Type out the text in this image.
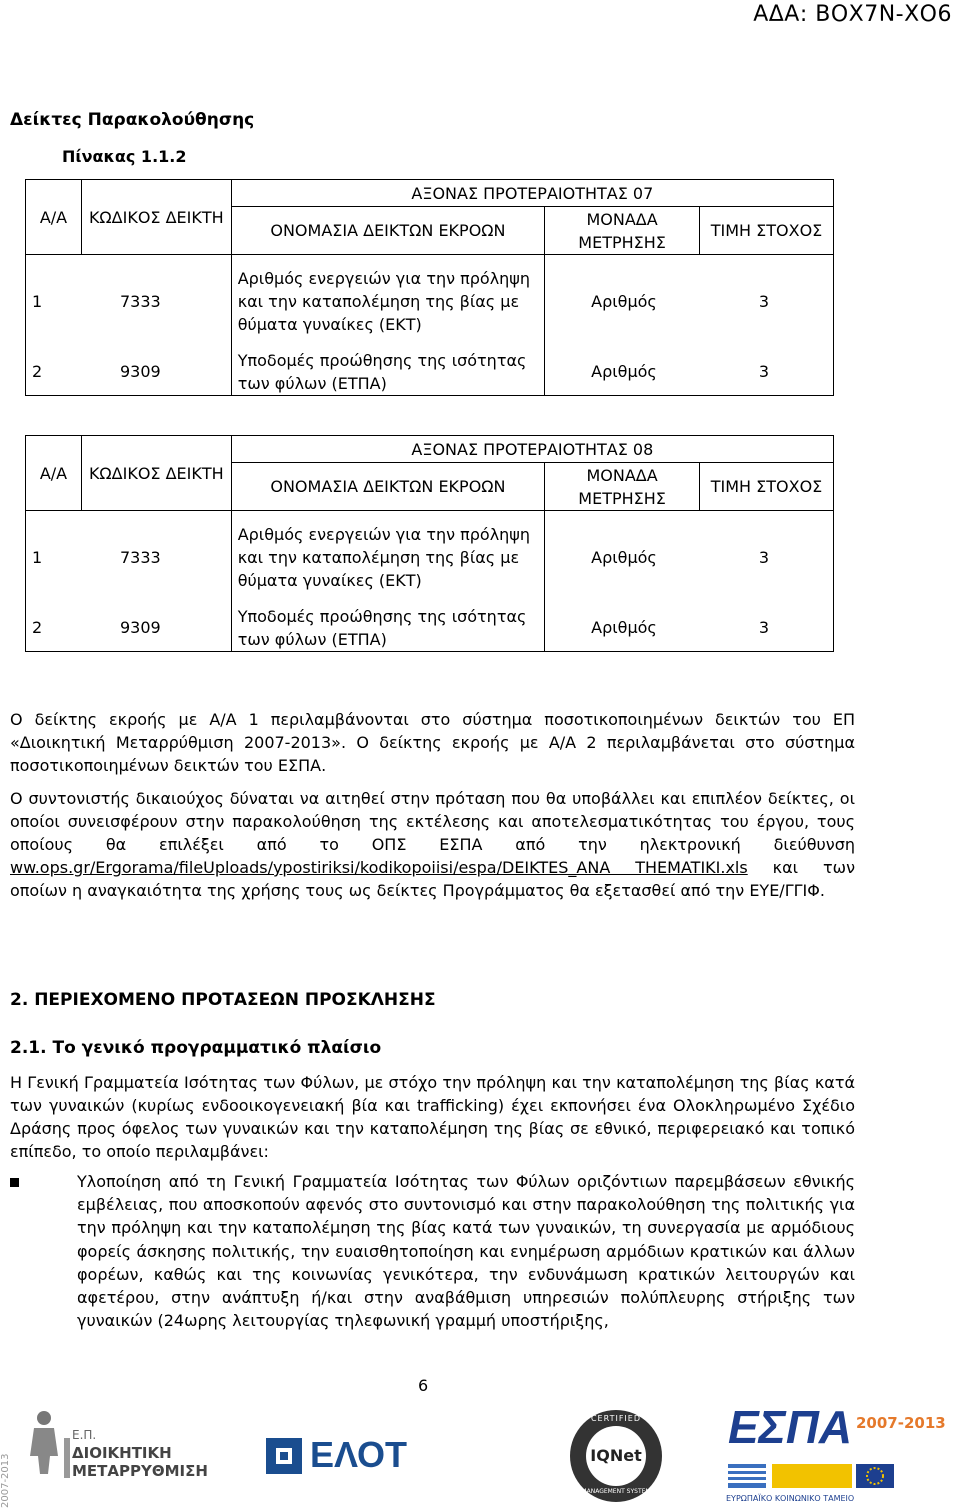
ΑΔΑ: ΒΟΧ7Ν-ΧΟ6
Δείκτες Παρακολούθησης
Πίνακας 1.1.2
Α/Α	ΚΩΔΙΚΟΣ ΔΕΙΚΤΗ	ΑΞΟΝΑΣ ΠΡΟΤΕΡΑΙΟΤΗΤΑΣ 07		
		ΟΝΟΜΑΣΙΑ ΔΕΙΚΤΩΝ ΕΚΡΟΩΝ	ΜΟΝΑΔΑ ΜΕΤΡΗΣΗΣ	ΤΙΜΗ ΣΤΟΧΟΣ
1 7333		Αριθμός ενεργειών για την πρόληψη και την καταπολέμηση της βίας με θύματα γυναίκες (ΕΚΤ)	Αριθμός 3	
2 9309		Υποδομές προώθησης της ισότητας των φύλων (ΕΤΠΑ)	Αριθμός 3	
Α/Α	ΚΩΔΙΚΟΣ ΔΕΙΚΤΗ	ΑΞΟΝΑΣ ΠΡΟΤΕΡΑΙΟΤΗΤΑΣ 08		
		ΟΝΟΜΑΣΙΑ ΔΕΙΚΤΩΝ ΕΚΡΟΩΝ	ΜΟΝΑΔΑ ΜΕΤΡΗΣΗΣ	ΤΙΜΗ ΣΤΟΧΟΣ
1 7333		Αριθμός ενεργειών για την πρόληψη και την καταπολέμηση της βίας με θύματα γυναίκες (ΕΚΤ)	Αριθμός 3	
2 9309		Υποδομές προώθησης της ισότητας των φύλων (ΕΤΠΑ)	Αριθμός 3	

Ο δείκτης εκροής με Α/Α 1 περιλαμβάνονται στο σύστημα ποσοτικοποιημένων δεικτών του ΕΠ «Διοικητική Μεταρρύθμιση 2007-2013». Ο δείκτης εκροής με Α/Α 2 περιλαμβάνεται στο σύστημα ποσοτικοποιημένων δεικτών του ΕΣΠΑ.

Ο συντονιστής δικαιούχος δύναται να αιτηθεί στην πρόταση που θα υποβάλλει και επιπλέον δείκτες, οι οποίοι συνεισφέρουν στην παρακολούθηση της εκτέλεσης και αποτελεσματικότητας του έργου, τους οποίους θα επιλέξει από το ΟΠΣ ΕΣΠΑ από την ηλεκτρονική διεύθυνση ww.ops.gr/Ergorama/fileUploads/ypostiriksi/kodikopoiisi/espa/DEIKTES_ANA THEMATIKI.xls και των οποίων η αναγκαιότητα της χρήσης τους ως δείκτες Προγράμματος θα εξετασθεί από την ΕΥΕ/ΓΓΙΦ.

2. ΠΕΡΙΕΧΟΜΕΝΟ ΠΡΟΤΑΣΕΩΝ ΠΡΟΣΚΛΗΣΗΣ
2.1. Το γενικό προγραμματικό πλαίσιο

Η Γενική Γραμματεία Ισότητας των Φύλων, με στόχο την πρόληψη και την καταπολέμηση της βίας κατά των γυναικών (κυρίως ενδοοικογενειακή βία και trafficking) έχει εκπονήσει ένα Ολοκληρωμένο Σχέδιο Δράσης προς όφελος των γυναικών και την καταπολέμηση της βίας σε εθνικό, περιφερειακό και τοπικό επίπεδο, το οποίο περιλαμβάνει:

Υλοποίηση από τη Γενική Γραμματεία Ισότητας των Φύλων οριζόντιων παρεμβάσεων εθνικής εμβέλειας, που αποσκοπούν αφενός στο συντονισμό και στην παρακολούθηση της πολιτικής για την πρόληψη και την καταπολέμηση της βίας κατά των γυναικών, τη συνεργασία με αρμόδιους φορείς άσκησης πολιτικής, την ευαισθητοποίηση και ενημέρωση αρμόδιων κρατικών και άλλων φορέων, καθώς και της κοινωνίας γενικότερα, την ενδυνάμωση κρατικών λειτουργών και αφετέρου, στην ανάπτυξη ή/και στην αναβάθμιση υπηρεσιών πολύπλευρης στήριξης των γυναικών (24ωρης λειτουργίας τηλεφωνική γραμμή υποστήριξης,
6
2007-2013
Ε.Π.
ΔΙΟΙΚΗΤΙΚΗ
ΜΕΤΑΡΡΥΘΜΙΣΗ	ΕΛΟΤ
CERTIFIED
IQNet
MANAGEMENT SYSTEM
ΕΣΠΑ 2007-2013
ΕΥΡΩΠΑΪΚΟ ΚΟΙΝΩΝΙΚΟ ΤΑΜΕΙΟ
